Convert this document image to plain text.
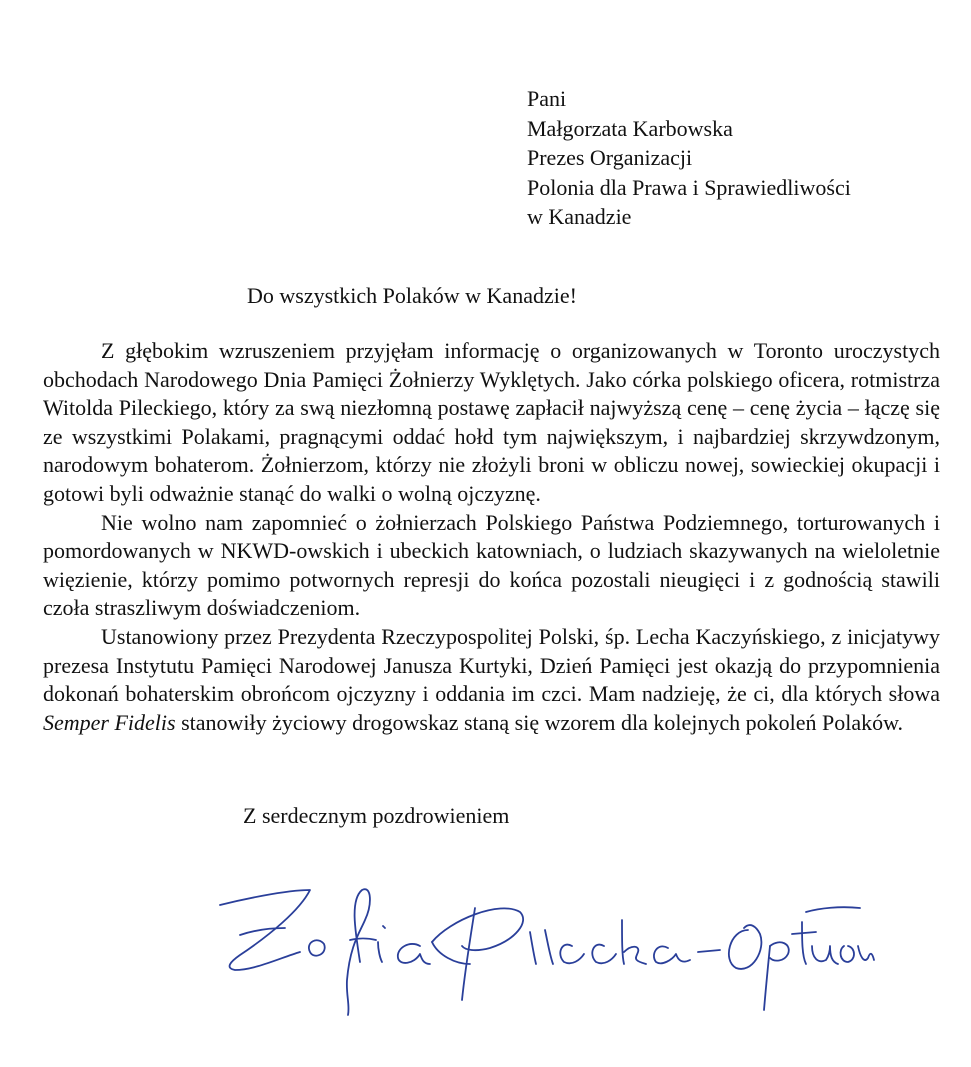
Pani
Małgorzata Karbowska
Prezes Organizacji
Polonia dla Prawa i Sprawiedliwości
w Kanadzie
Do wszystkich Polaków w Kanadzie!

Z głębokim wzruszeniem przyjęłam informację o organizowanych w Toronto uroczystych obchodach Narodowego Dnia Pamięci Żołnierzy Wyklętych. Jako córka polskiego oficera, rotmistrza Witolda Pileckiego, który za swą niezłomną postawę zapłacił najwyższą cenę – cenę życia – łączę się ze wszystkimi Polakami, pragnącymi oddać hołd tym największym, i najbardziej skrzywdzonym, narodowym bohaterom. Żołnierzom, którzy nie złożyli broni w obliczu nowej, sowieckiej okupacji i gotowi byli odważnie stanąć do walki o wolną ojczyznę.

Nie wolno nam zapomnieć o żołnierzach Polskiego Państwa Podziemnego, torturowanych i pomordowanych w NKWD-owskich i ubeckich katowniach, o ludziach skazywanych na wieloletnie więzienie, którzy pomimo potwornych represji do końca pozostali nieugięci i z godnością stawili czoła straszliwym doświadczeniom.

Ustanowiony przez Prezydenta Rzeczypospolitej Polski, śp. Lecha Kaczyńskiego, z inicjatywy prezesa Instytutu Pamięci Narodowej Janusza Kurtyki, Dzień Pamięci jest okazją do przypomnienia dokonań bohaterskim obrońcom ojczyzny i oddania im czci. Mam nadzieję, że ci, dla których słowa Semper Fidelis stanowiły życiowy drogowskaz staną się wzorem dla kolejnych pokoleń Polaków.

Z serdecznym pozdrowieniem
